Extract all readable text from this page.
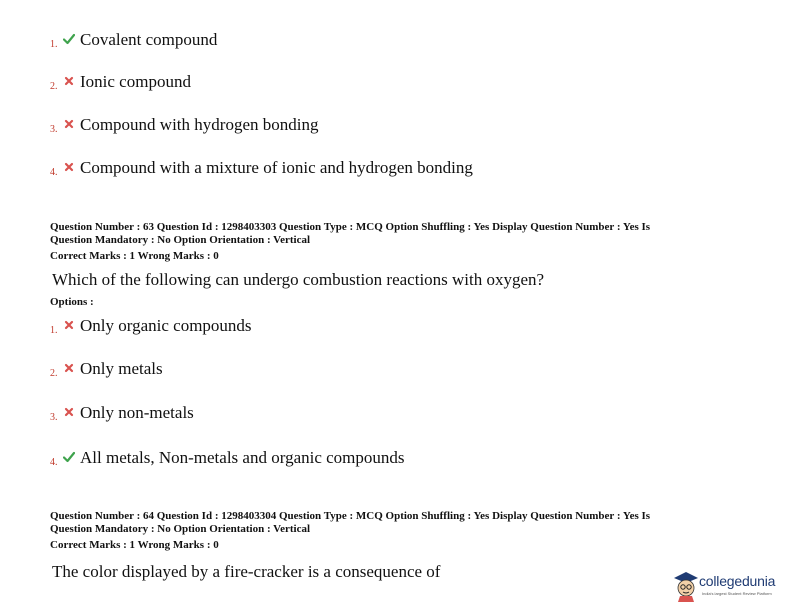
1. Covalent compound
2. Ionic compound
3. Compound with hydrogen bonding
4. Compound with a mixture of ionic and hydrogen bonding
Question Number : 63 Question Id : 1298403303 Question Type : MCQ Option Shuffling : Yes Display Question Number : Yes Is
Question Mandatory : No Option Orientation : Vertical
Correct Marks : 1 Wrong Marks : 0
Which of the following can undergo combustion reactions with oxygen?
Options :
1. Only organic compounds
2. Only metals
3. Only non-metals
4. All metals, Non-metals and organic compounds
Question Number : 64 Question Id : 1298403304 Question Type : MCQ Option Shuffling : Yes Display Question Number : Yes Is
Question Mandatory : No Option Orientation : Vertical
Correct Marks : 1 Wrong Marks : 0
The color displayed by a fire-cracker is a consequence of	collegedunia
India's largest Student Review Platform
